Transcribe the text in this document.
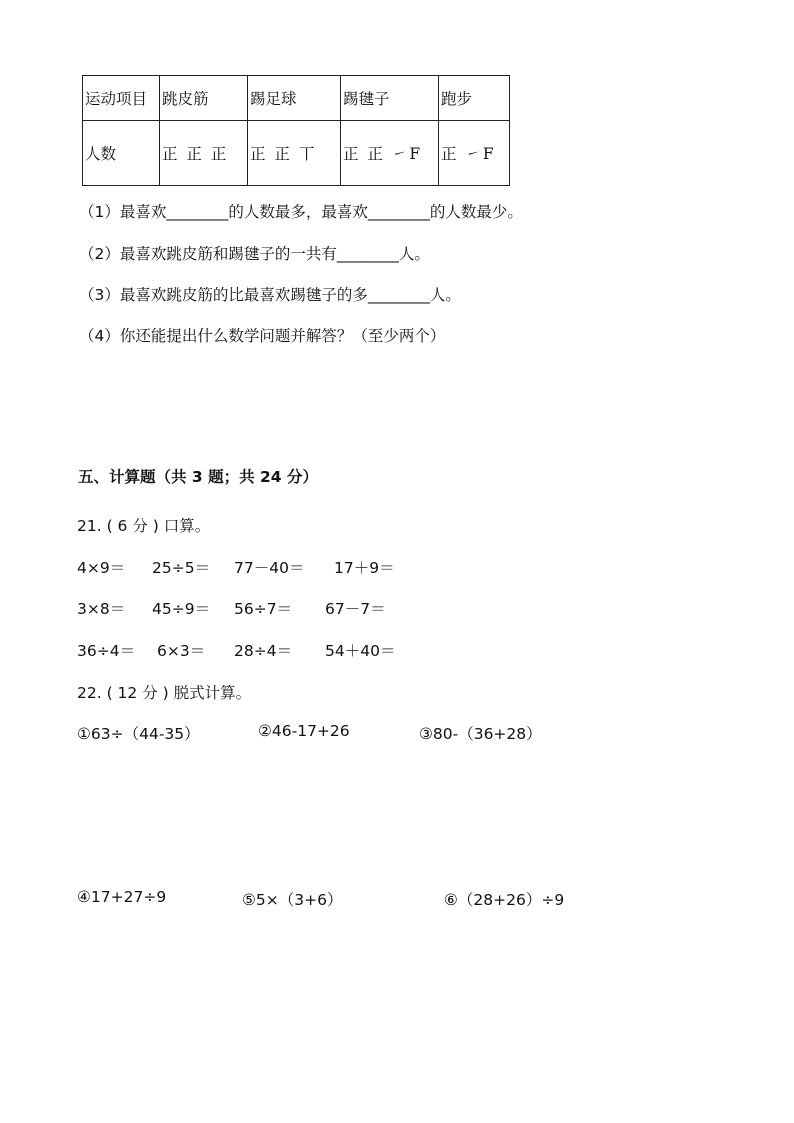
运动项目	跳皮筋	踢足球	踢毽子	跑步
人数	正 正 正	正 正 丅	正 正 ㇀F	正 ㇀F
（1）最喜欢________的人数最多，最喜欢________的人数最少。
（2）最喜欢跳皮筋和踢毽子的一共有________人。
（3）最喜欢跳皮筋的比最喜欢踢毽子的多________人。
（4）你还能提出什么数学问题并解答？（至少两个）
五、计算题（共 3 题；共 24 分）
21. ( 6 分 ) 口算。
4×9＝ 25÷5＝ 77－40＝ 17＋9＝
3×8＝ 45÷9＝ 56÷7＝ 67－7＝
36÷4＝ 6×3＝ 28÷4＝ 54＋40＝
22. ( 12 分 ) 脱式计算。
①63÷（44-35）	②46-17+26	③80-（36+28）
④17+27÷9	⑤5×（3+6）	⑥（28+26）÷9
